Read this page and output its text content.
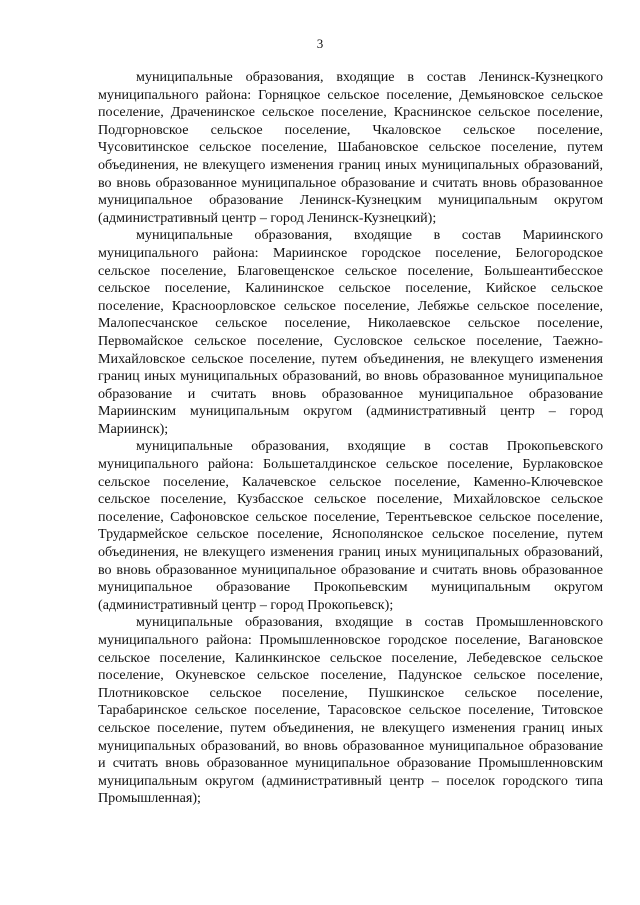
3

муниципальные образования, входящие в состав Ленинск-Кузнецкого муниципального района: Горняцкое сельское поселение, Демьяновское сельское поселение, Драченинское сельское поселение, Краснинское сельское поселение, Подгорновское сельское поселение, Чкаловское сельское поселение, Чусовитинское сельское поселение, Шабановское сельское поселение, путем объединения, не влекущего изменения границ иных муниципальных образований, во вновь образованное муниципальное образование и считать вновь образованное муниципальное образование Ленинск-Кузнецким муниципальным округом (административный центр – город Ленинск-Кузнецкий);

муниципальные образования, входящие в состав Мариинского муниципального района: Мариинское городское поселение, Белогородское сельское поселение, Благовещенское сельское поселение, Большеантибесское сельское поселение, Калининское сельское поселение, Кийское сельское поселение, Красноорловское сельское поселение, Лебяжье сельское поселение, Малопесчанское сельское поселение, Николаевское сельское поселение, Первомайское сельское поселение, Сусловское сельское поселение, Таежно-Михайловское сельское поселение, путем объединения, не влекущего изменения границ иных муниципальных образований, во вновь образованное муниципальное образование и считать вновь образованное муниципальное образование Мариинским муниципальным округом (административный центр – город Мариинск);

муниципальные образования, входящие в состав Прокопьевского муниципального района: Большеталдинское сельское поселение, Бурлаковское сельское поселение, Калачевское сельское поселение, Каменно-Ключевское сельское поселение, Кузбасское сельское поселение, Михайловское сельское поселение, Сафоновское сельское поселение, Терентьевское сельское поселение, Трудармейское сельское поселение, Яснополянское сельское поселение, путем объединения, не влекущего изменения границ иных муниципальных образований, во вновь образованное муниципальное образование и считать вновь образованное муниципальное образование Прокопьевским муниципальным округом (административный центр – город Прокопьевск);

муниципальные образования, входящие в состав Промышленновского муниципального района: Промышленновское городское поселение, Вагановское сельское поселение, Калинкинское сельское поселение, Лебедевское сельское поселение, Окуневское сельское поселение, Падунское сельское поселение, Плотниковское сельское поселение, Пушкинское сельское поселение, Тарабаринское сельское поселение, Тарасовское сельское поселение, Титовское сельское поселение, путем объединения, не влекущего изменения границ иных муниципальных образований, во вновь образованное муниципальное образование и считать вновь образованное муниципальное образование Промышленновским муниципальным округом (административный центр – поселок городского типа Промышленная);
